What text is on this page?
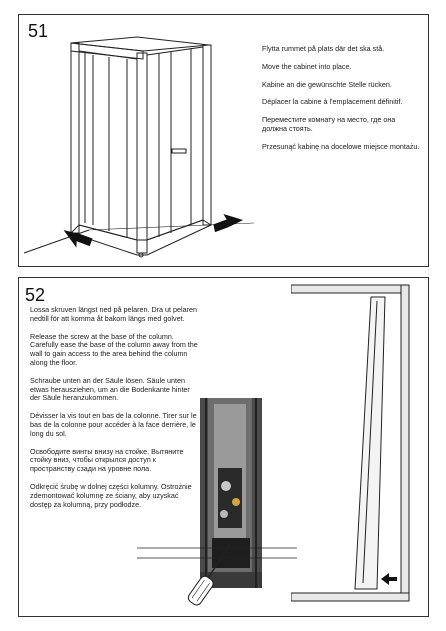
51

Flytta rummet på plats där det ska stå.

Move the cabinet into place.

Kabine an die gewünschte Stelle rücken.

Déplacer la cabine à l'emplacement définitif.

Переместите комнату на место, где она должна стоять.

Przesunąć kabinę na docelowe miejsce montażu.

52

Lossa skruven längst ned på pelaren. Dra ut pelaren nedtill för att komma åt bakom längs med golvet.

Release the screw at the base of the column. Carefully ease the base of the column away from the wall to gain access to the area behind the column along the floor.

Schraube unten an der Säule lösen. Säule unten etwas herausziehen, um an die Bodenkante hinter der Säule heranzukommen.

Dévisser la vis tout en bas de la colonne. Tirer sur le bas de la colonne pour accéder à la face derrière, le long du sol.

Освободите винты внизу на стойке. Вытяните стойку вниз, чтобы открылся доступ к пространству сзади на уровне пола.

Odkręcić śrubę w dolnej części kolumny. Ostrożnie zdemontować kolumnę ze ściany, aby uzyskać dostęp za kolumną, przy podłodze.
